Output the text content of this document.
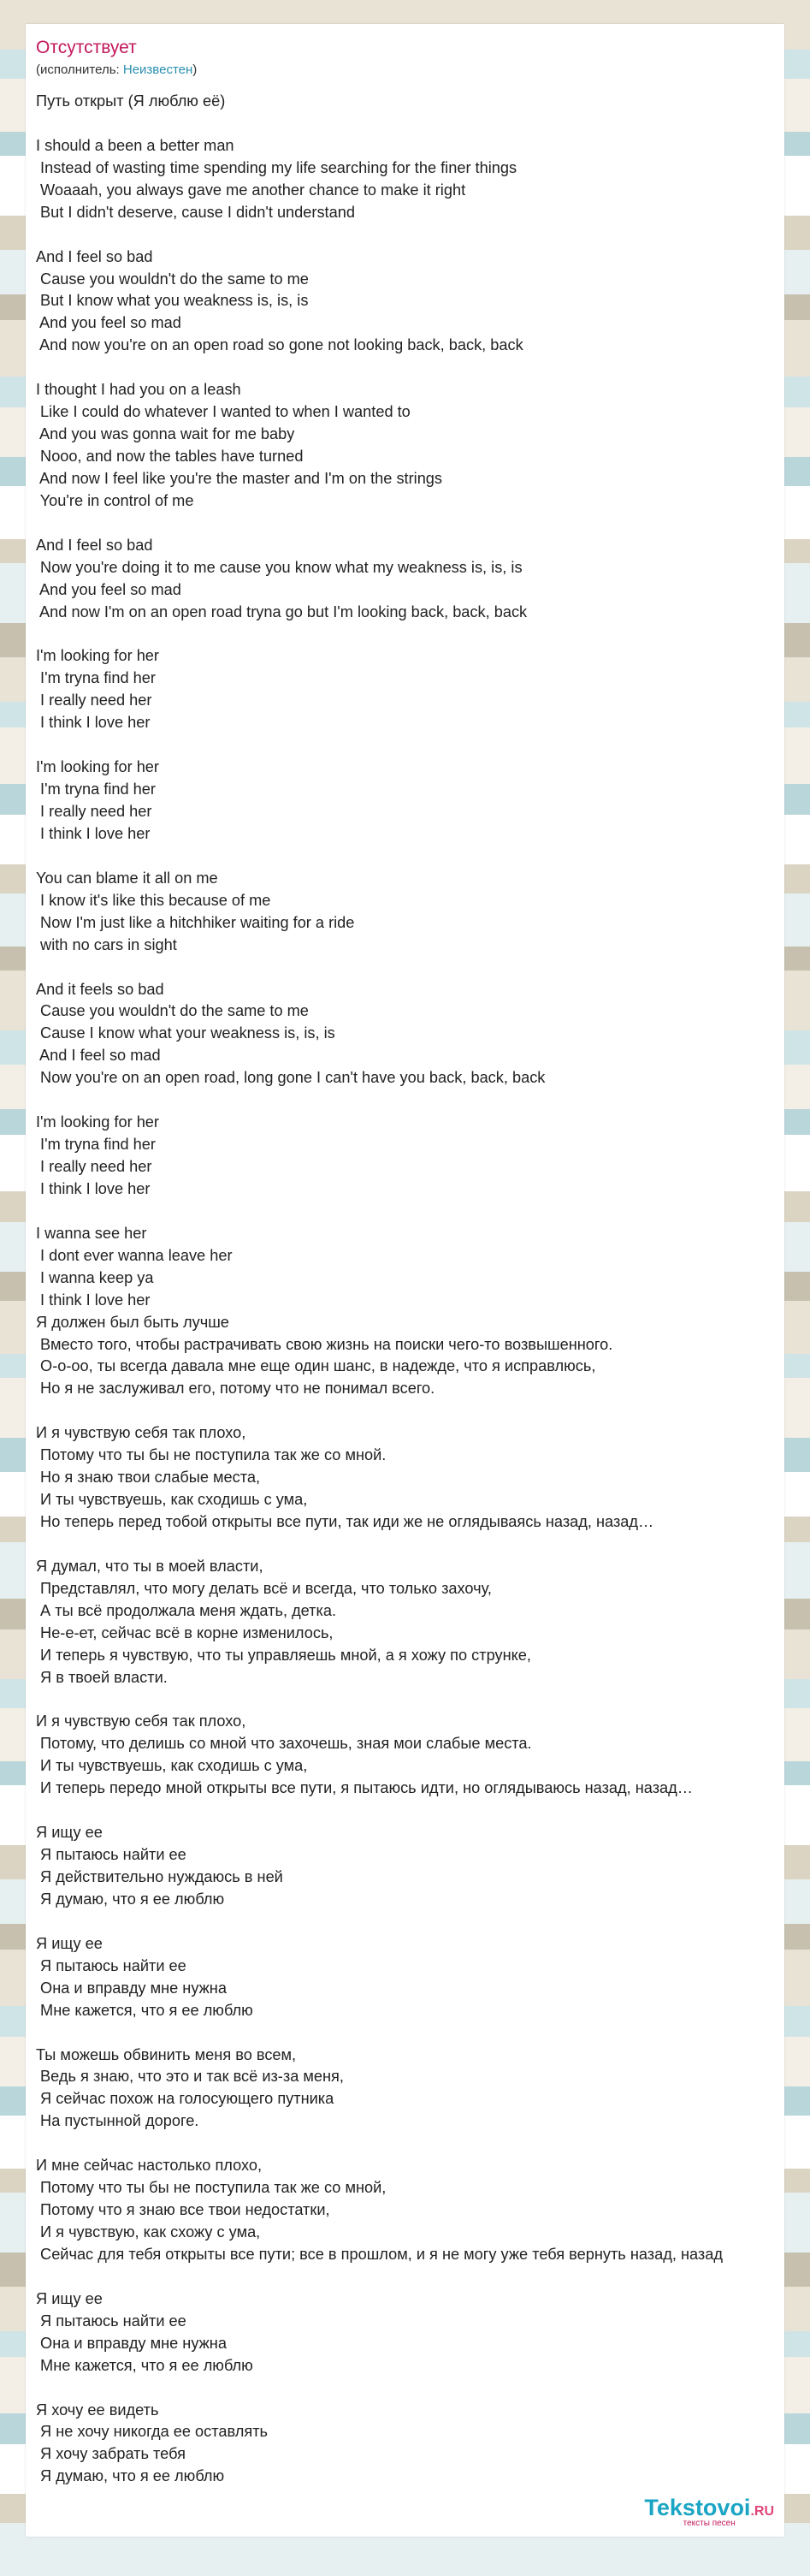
Отсутствует
(исполнитель: Неизвестен)
Путь открыт (Я люблю её)
I should a been a better man
Instead of wasting time spending my life searching for the finer things
Woaaah, you always gave me another chance to make it right
But I didn't deserve, cause I didn't understand
And I feel so bad
Cause you wouldn't do the same to me
But I know what you weakness is, is, is
And you feel so mad
And now you're on an open road so gone not looking back, back, back
I thought I had you on a leash
Like I could do whatever I wanted to when I wanted to
And you was gonna wait for me baby
Nooo, and now the tables have turned
And now I feel like you're the master and I'm on the strings
You're in control of me
And I feel so bad
Now you're doing it to me cause you know what my weakness is, is, is
And you feel so mad
And now I'm on an open road tryna go but I'm looking back, back, back
I'm looking for her
I'm tryna find her
I really need her
I think I love her
I'm looking for her
I'm tryna find her
I really need her
I think I love her
You can blame it all on me
I know it's like this because of me
Now I'm just like a hitchhiker waiting for a ride
with no cars in sight
And it feels so bad
Cause you wouldn't do the same to me
Cause I know what your weakness is, is, is
And I feel so mad
Now you're on an open road, long gone I can't have you back, back, back
I'm looking for her
I'm tryna find her
I really need her
I think I love her
I wanna see her
I dont ever wanna leave her
I wanna keep ya
I think I love her
Я должен был быть лучше
Вместо того, чтобы растрачивать свою жизнь на поиски чего-то возвышенного.
О-о-оо, ты всегда давала мне еще один шанс, в надежде, что я исправлюсь,
Но я не заслуживал его, потому что не понимал всего.
И я чувствую себя так плохо,
Потому что ты бы не поступила так же со мной.
Но я знаю твои слабые места,
И ты чувствуешь, как сходишь с ума,
Но теперь перед тобой открыты все пути, так иди же не оглядываясь назад, назад…
Я думал, что ты в моей власти,
Представлял, что могу делать всё и всегда, что только захочу,
А ты всё продолжала меня ждать, детка.
Не-е-ет, сейчас всё в корне изменилось,
И теперь я чувствую, что ты управляешь мной, а я хожу по струнке,
Я в твоей власти.
И я чувствую себя так плохо,
Потому, что делишь со мной что захочешь, зная мои слабые места.
И ты чувствуешь, как сходишь с ума,
И теперь передо мной открыты все пути, я пытаюсь идти, но оглядываюсь назад, назад…
Я ищу ее
Я пытаюсь найти ее
Я действительно нуждаюсь в ней
Я думаю, что я ее люблю
Я ищу ее
Я пытаюсь найти ее
Она и вправду мне нужна
Мне кажется, что я ее люблю
Ты можешь обвинить меня во всем,
Ведь я знаю, что это и так всё из-за меня,
Я сейчас похож на голосующего путника
На пустынной дороге.
И мне сейчас настолько плохо,
Потому что ты бы не поступила так же со мной,
Потому что я знаю все твои недостатки,
И я чувствую, как схожу с ума,
Сейчас для тебя открыты все пути; все в прошлом, и я не могу уже тебя вернуть назад, назад
Я ищу ее
Я пытаюсь найти ее
Она и вправду мне нужна
Мне кажется, что я ее люблю
Я хочу ее видеть
Я не хочу никогда ее оставлять
Я хочу забрать тебя
Я думаю, что я ее люблю
Tekstovoi.RU
тексты песен
